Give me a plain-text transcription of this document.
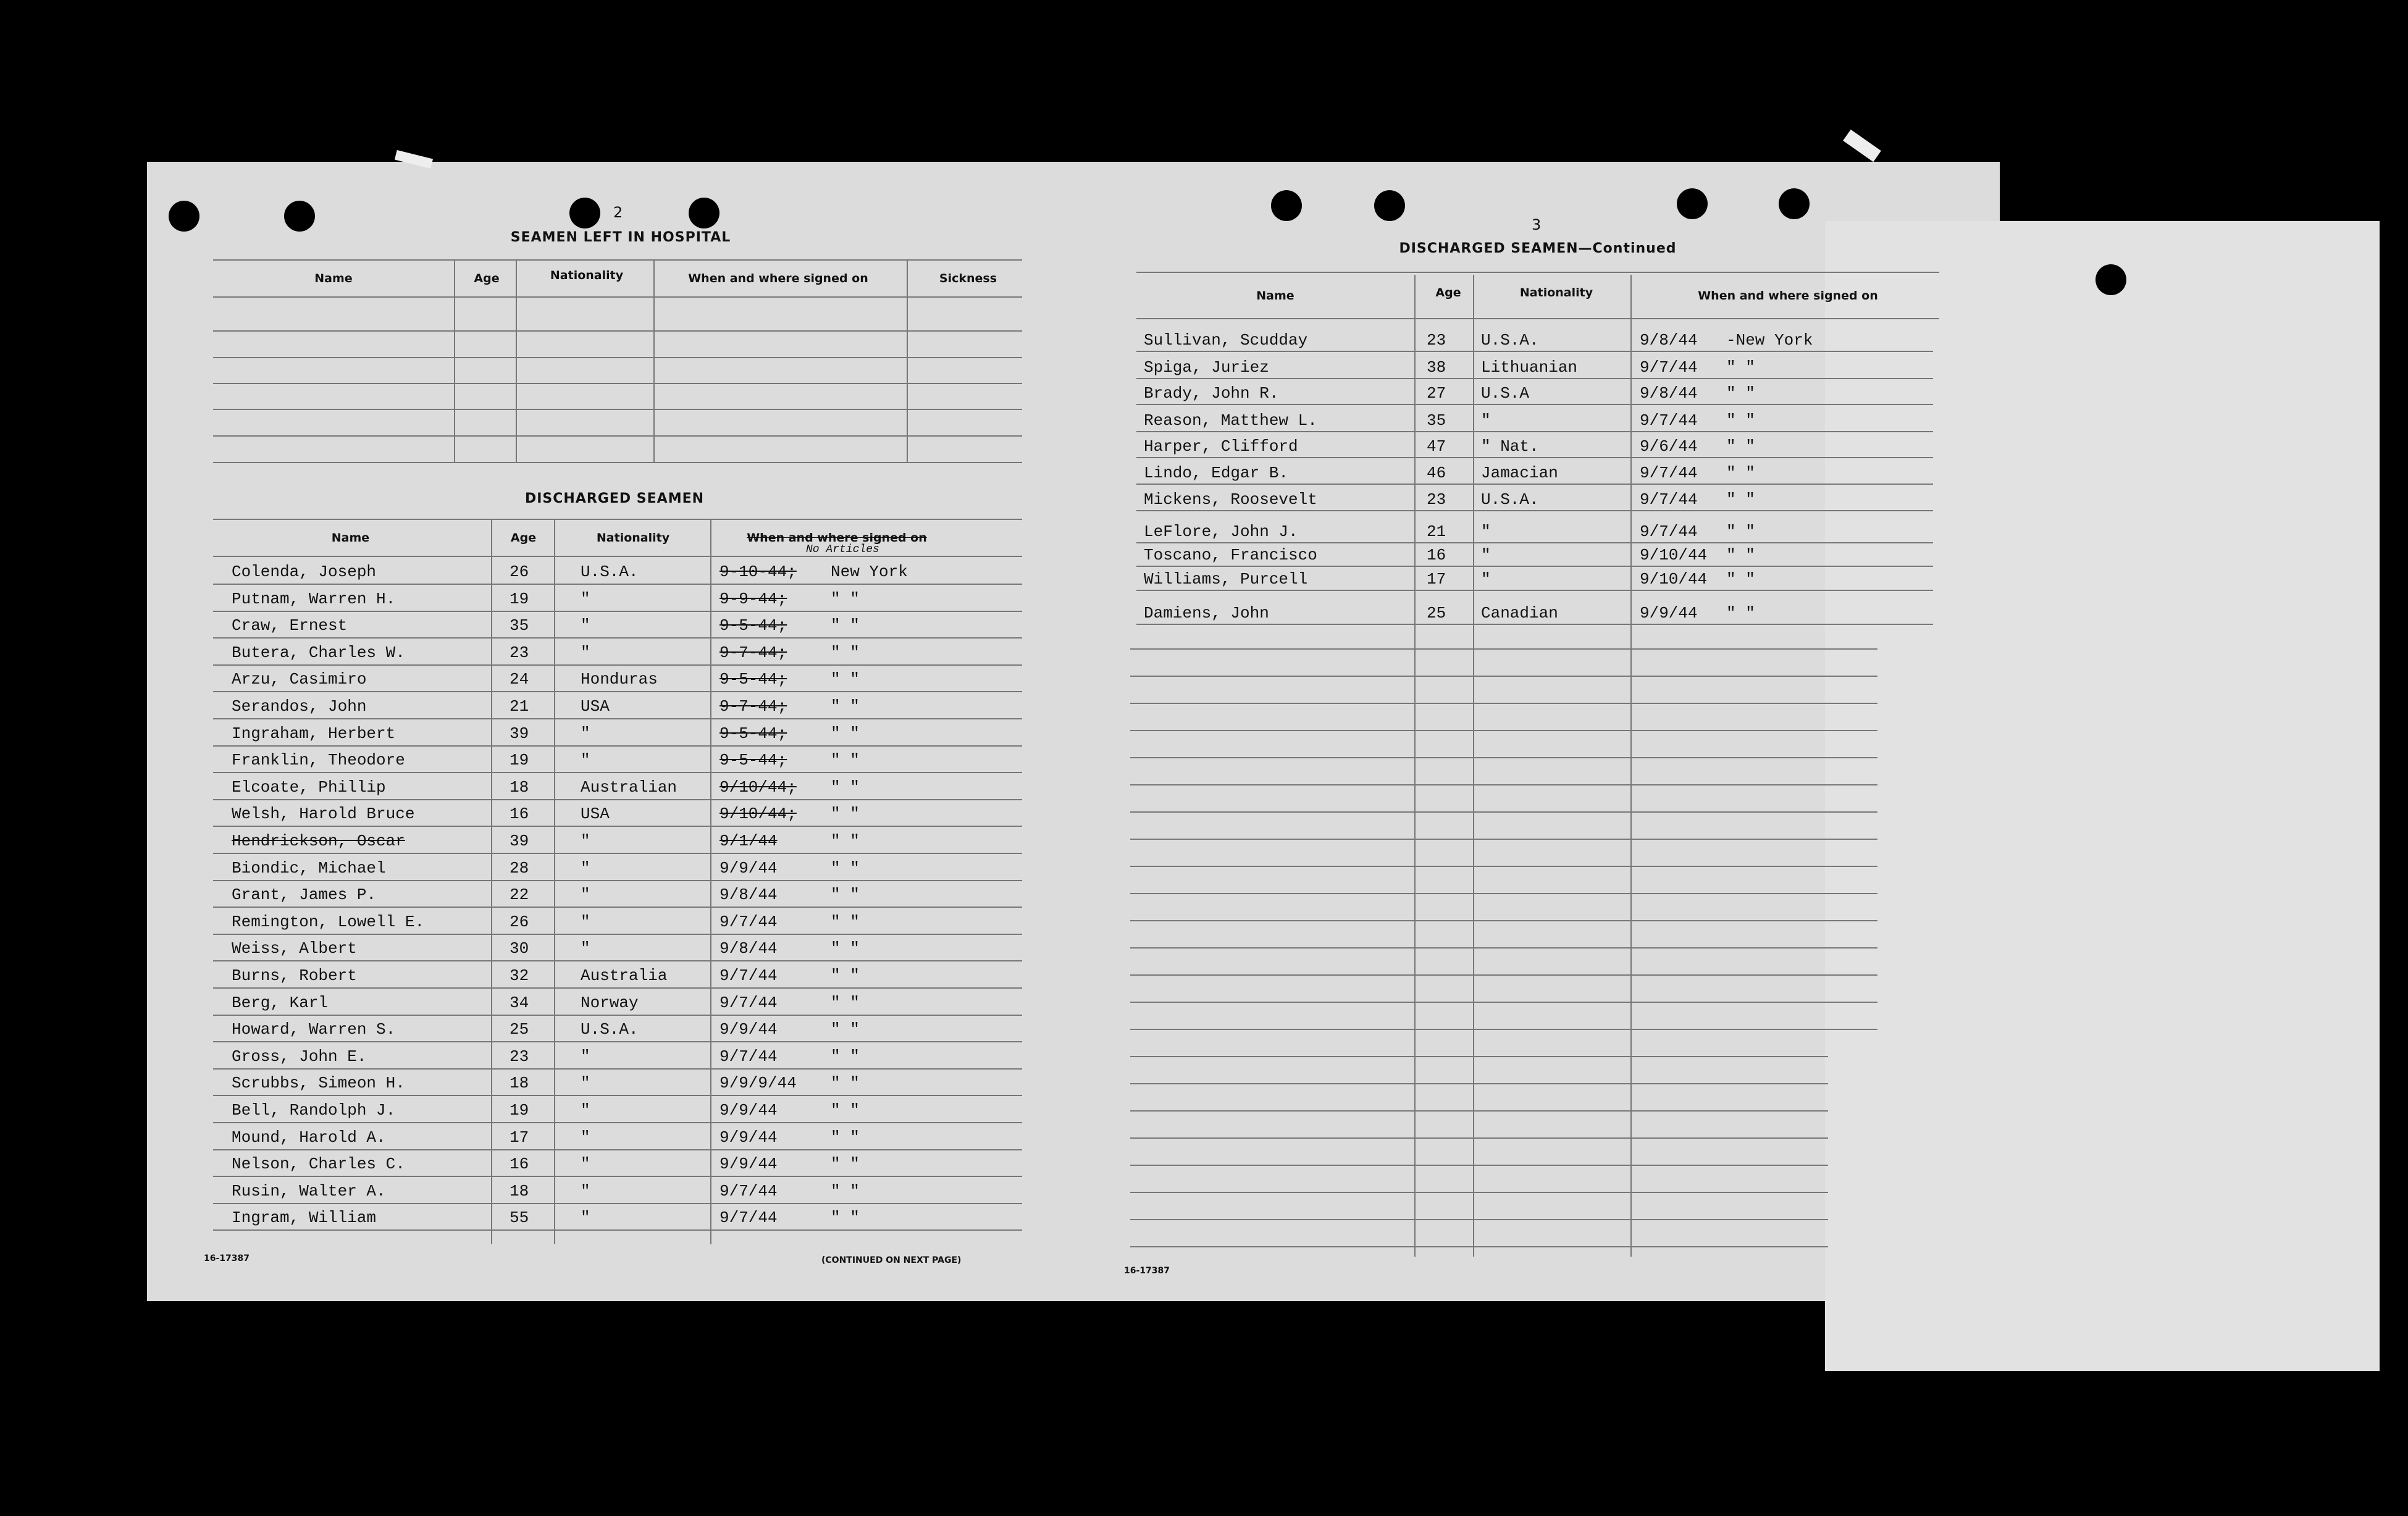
2
SEAMEN LEFT IN HOSPITAL
Name	Age	Nationality	When and where signed on	Sickness
DISCHARGED SEAMEN
Name	Age	Nationality	When and where signed on
No Articles
Colenda, Joseph	26	U.S.A.	9-10-44; New York
Putnam, Warren H.	19	"	9-9-44;	" "
Craw, Ernest	35	"	9-5-44;	" "
Butera, Charles W.	23	"	9-7-44;	" "
Arzu, Casimiro	24	Honduras	9-5-44;	" "
Serandos, John	21	USA	9-7-44;	" "
Ingraham, Herbert	39	"	9-5-44;	" "
Franklin, Theodore	19	"	9-5-44;	" "
Elcoate, Phillip	18	Australian	9/10/44; " "
Welsh, Harold Bruce	16	USA	9/10/44; " "
Hendrickson, Oscar	39	"	9/1/44	" "
Biondic, Michael	28	"	9/9/44	" "
Grant, James P.	22	"	9/8/44	" "
Remington, Lowell E.	26	"	9/7/44	" "
Weiss, Albert	30	"	9/8/44	" "
Burns, Robert	32	Australia	9/7/44	" "
Berg, Karl	34	Norway	9/7/44	" "
Howard, Warren S.	25	U.S.A.	9/9/44	" "
Gross, John E.	23	"	9/7/44	" "
Scrubbs, Simeon H.	18	"	9/9/9/44 " "
Bell, Randolph J.	19	"	9/9/44	" "
Mound, Harold A.	17	"	9/9/44	" "
Nelson, Charles C.	16	"	9/9/44	" "
Rusin, Walter A.	18	"	9/7/44	" "
Ingram, William	55	"	9/7/44	" "
16-17387	(CONTINUED ON NEXT PAGE)
3
DISCHARGED SEAMEN—Continued
Name	Age	Nationality	When and where signed on
Sullivan, Scudday	23 U.S.A.	9/8/44 -New York
Spiga, Juriez	38 Lithuanian	9/7/44 " "
Brady, John R.	27 U.S.A	9/8/44 " "
Reason, Matthew L.	35 "	9/7/44 " "
Harper, Clifford	47 " Nat.	9/6/44 " "
Lindo, Edgar B.	46 Jamacian	9/7/44 " "
Mickens, Roosevelt	23 U.S.A.	9/7/44 " "
LeFlore, John J.	21 "	9/7/44 " "
Toscano, Francisco	16 "	9/10/44 " "
Williams, Purcell	17 "	9/10/44 " "
Damiens, John	25 Canadian	9/9/44 " "
16-17387
